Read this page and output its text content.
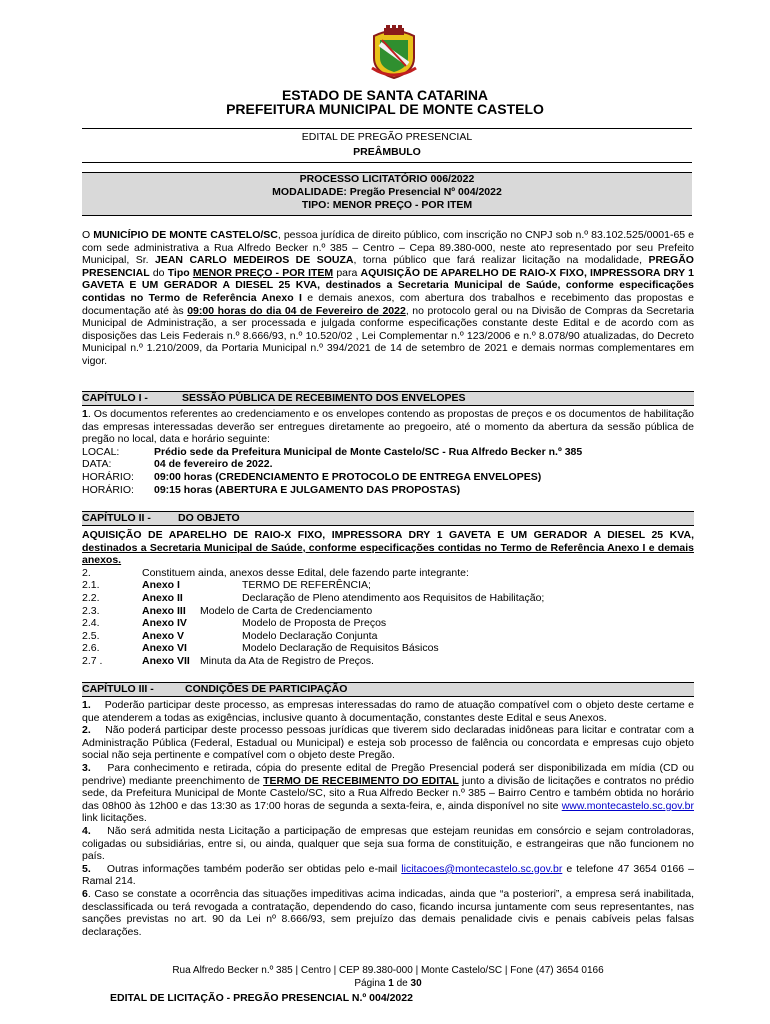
ESTADO DE SANTA CATARINA
PREFEITURA MUNICIPAL DE MONTE CASTELO
EDITAL DE PREGÃO PRESENCIAL
PREÂMBULO
PROCESSO LICITATÓRIO 006/2022
MODALIDADE: Pregão Presencial Nº 004/2022
TIPO: MENOR PREÇO - POR ITEM

O MUNICÍPIO DE MONTE CASTELO/SC, pessoa jurídica de direito público, com inscrição no CNPJ sob n.º 83.102.525/0001-65 e com sede administrativa a Rua Alfredo Becker n.º 385 – Centro – Cepa 89.380-000, neste ato representado por seu Prefeito Municipal, Sr. JEAN CARLO MEDEIROS DE SOUZA, torna público que fará realizar licitação na modalidade, PREGÃO PRESENCIAL do Tipo MENOR PREÇO - POR ITEM para AQUISIÇÃO DE APARELHO DE RAIO-X FIXO, IMPRESSORA DRY 1 GAVETA E UM GERADOR A DIESEL 25 KVA, destinados a Secretaria Municipal de Saúde, conforme especificações contidas no Termo de Referência Anexo I e demais anexos, com abertura dos trabalhos e recebimento das propostas e documentação até às 09:00 horas do dia 04 de Fevereiro de 2022, no protocolo geral ou na Divisão de Compras da Secretaria Municipal de Administração, a ser processada e julgada conforme especificações constante deste Edital e de acordo com as disposições das Leis Federais n.º 8.666/93, n.º 10.520/02 , Lei Complementar n.º 123/2006 e n.º 8.078/90 atualizadas, do Decreto Municipal n.º 1.210/2009, da Portaria Municipal n.º 394/2021 de 14 de setembro de 2021 e demais normas complementares em vigor.

CAPÍTULO I -	SESSÃO PÚBLICA DE RECEBIMENTO DOS ENVELOPES

1. Os documentos referentes ao credenciamento e os envelopes contendo as propostas de preços e os documentos de habilitação das empresas interessadas deverão ser entregues diretamente ao pregoeiro, até o momento da abertura da sessão pública de pregão no local, data e horário seguinte:

LOCAL:	Prédio sede da Prefeitura Municipal de Monte Castelo/SC - Rua Alfredo Becker n.º 385
DATA:	04 de fevereiro de 2022.
HORÁRIO:	09:00 horas (CREDENCIAMENTO E PROTOCOLO DE ENTREGA ENVELOPES)
HORÁRIO:	09:15 horas (ABERTURA E JULGAMENTO DAS PROPOSTAS)
CAPÍTULO II -	DO OBJETO

AQUISIÇÃO DE APARELHO DE RAIO-X FIXO, IMPRESSORA DRY 1 GAVETA E UM GERADOR A DIESEL 25 KVA, destinados a Secretaria Municipal de Saúde, conforme especificações contidas no Termo de Referência Anexo I e demais anexos.

2.	Constituem ainda, anexos desse Edital, dele fazendo parte integrante:
2.1.	Anexo I	TERMO DE REFERÊNCIA;
2.2.	Anexo II	Declaração de Pleno atendimento aos Requisitos de Habilitação;
2.3.	Anexo III	Modelo de Carta de Credenciamento
2.4.	Anexo IV	Modelo de Proposta de Preços
2.5.	Anexo V	Modelo Declaração Conjunta
2.6.	Anexo VI	Modelo Declaração de Requisitos Básicos
2.7 .	Anexo VII Minuta da Ata de Registro de Preços.
CAPÍTULO III -	CONDIÇÕES DE PARTICIPAÇÃO

1. Poderão participar deste processo, as empresas interessadas do ramo de atuação compatível com o objeto deste certame e que atenderem a todas as exigências, inclusive quanto à documentação, constantes deste Edital e seus Anexos.

2. Não poderá participar deste processo pessoas jurídicas que tiverem sido declaradas inidôneas para licitar e contratar com a Administração Pública (Federal, Estadual ou Municipal) e esteja sob processo de falência ou concordata e empresas cujo objeto social não seja pertinente e compatível com o objeto deste Pregão.

3. Para conhecimento e retirada, cópia do presente edital de Pregão Presencial poderá ser disponibilizada em mídia (CD ou pendrive) mediante preenchimento de TERMO DE RECEBIMENTO DO EDITAL junto a divisão de licitações e contratos no prédio sede, da Prefeitura Municipal de Monte Castelo/SC, sito a Rua Alfredo Becker n.º 385 – Bairro Centro e também obtida no horário das 08h00 às 12h00 e das 13:30 as 17:00 horas de segunda a sexta-feira, e, ainda disponível no site www.montecastelo.sc.gov.br link licitações.

4. Não será admitida nesta Licitação a participação de empresas que estejam reunidas em consórcio e sejam controladoras, coligadas ou subsidiárias, entre si, ou ainda, qualquer que seja sua forma de constituição, e estrangeiras que não funcionem no país.

5. Outras informações também poderão ser obtidas pelo e-mail licitacoes@montecastelo.sc.gov.br e telefone 47 3654 0166 – Ramal 214.

6. Caso se constate a ocorrência das situações impeditivas acima indicadas, ainda que “a posteriori”, a empresa será inabilitada, desclassificada ou terá revogada a contratação, dependendo do caso, ficando incursa juntamente com seus representantes, nas sanções previstas no art. 90 da Lei nº 8.666/93, sem prejuízo das demais penalidade civis e penais cabíveis pelas falsas declarações.

Rua Alfredo Becker n.º 385 | Centro | CEP 89.380-000 | Monte Castelo/SC | Fone (47) 3654 0166
Página 1 de 30
EDITAL DE LICITAÇÃO - PREGÃO PRESENCIAL N.º 004/2022
